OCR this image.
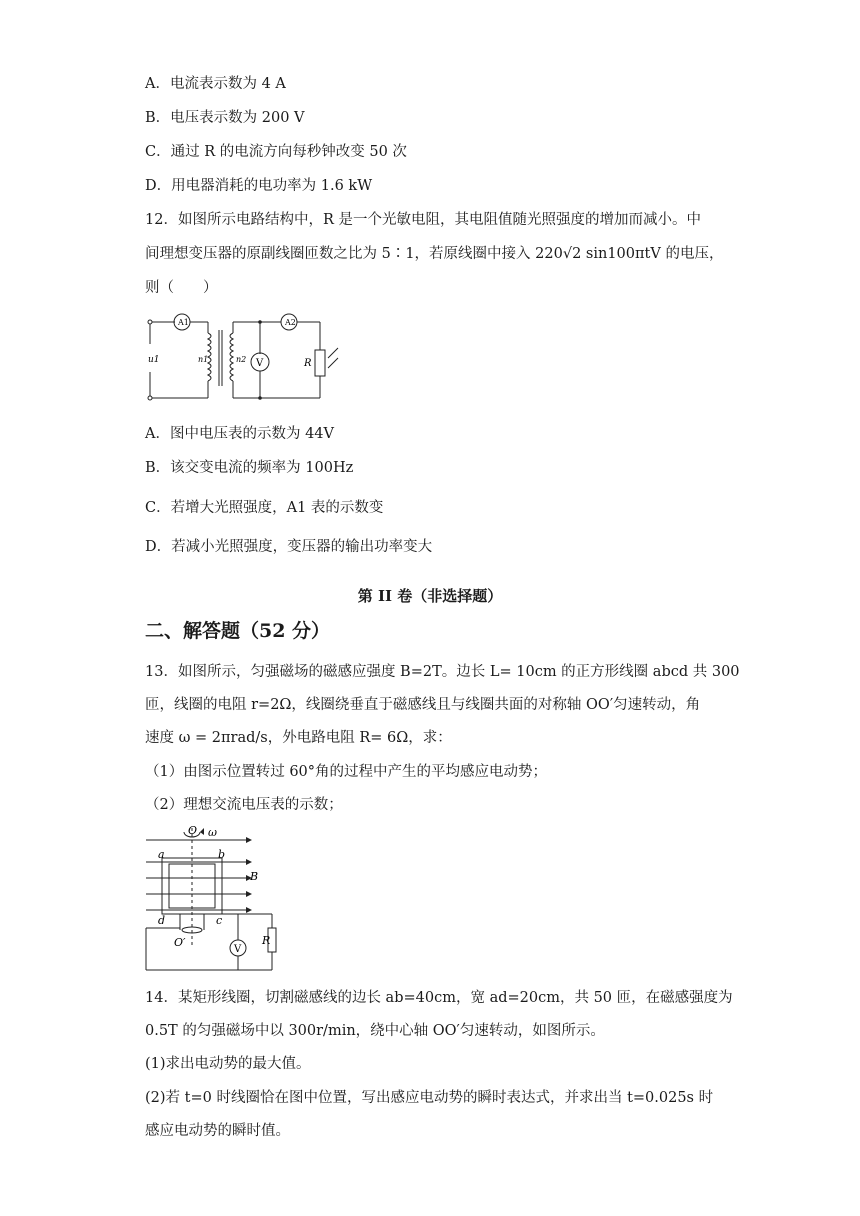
A．电流表示数为 4 A
B．电压表示数为 200 V
C．通过 R 的电流方向每秒钟改变 50 次
D．用电器消耗的电功率为 1.6 kW
12．如图所示电路结构中，R 是一个光敏电阻，其电阻值随光照强度的增加而减小。中
间理想变压器的原副线圈匝数之比为 5∶1，若原线圈中接入 220√2 sin100πtV 的电压，
则（　　）
u1
A1	A2
n1	n2 V	R
A．图中电压表的示数为 44V
B．该交变电流的频率为 100Hz
C．若增大光照强度，A1 表的示数变
D．若减小光照强度，变压器的输出功率变大
第 II 卷（非选择题）
二、解答题（52 分）
13．如图所示，匀强磁场的磁感应强度 B=2T。边长 L= 10cm 的正方形线圈 abcd 共 300
匝，线圈的电阻 r=2Ω，线圈绕垂直于磁感线且与线圈共面的对称轴 OO′匀速转动，角
速度 ω = 2πrad/s，外电路电阻 R= 6Ω，求：
（1）由图示位置转过 60°角的过程中产生的平均感应电动势；
（2）理想交流电压表的示数；
O ω
a	b
B
d	c
O′
V
R
14．某矩形线圈，切割磁感线的边长 ab=40cm，宽 ad=20cm，共 50 匝，在磁感强度为
0.5T 的匀强磁场中以 300r/min，绕中心轴 OO′匀速转动，如图所示。
(1)求出电动势的最大值。
(2)若 t=0 时线圈恰在图中位置，写出感应电动势的瞬时表达式，并求出当 t=0.025s 时
感应电动势的瞬时值。
